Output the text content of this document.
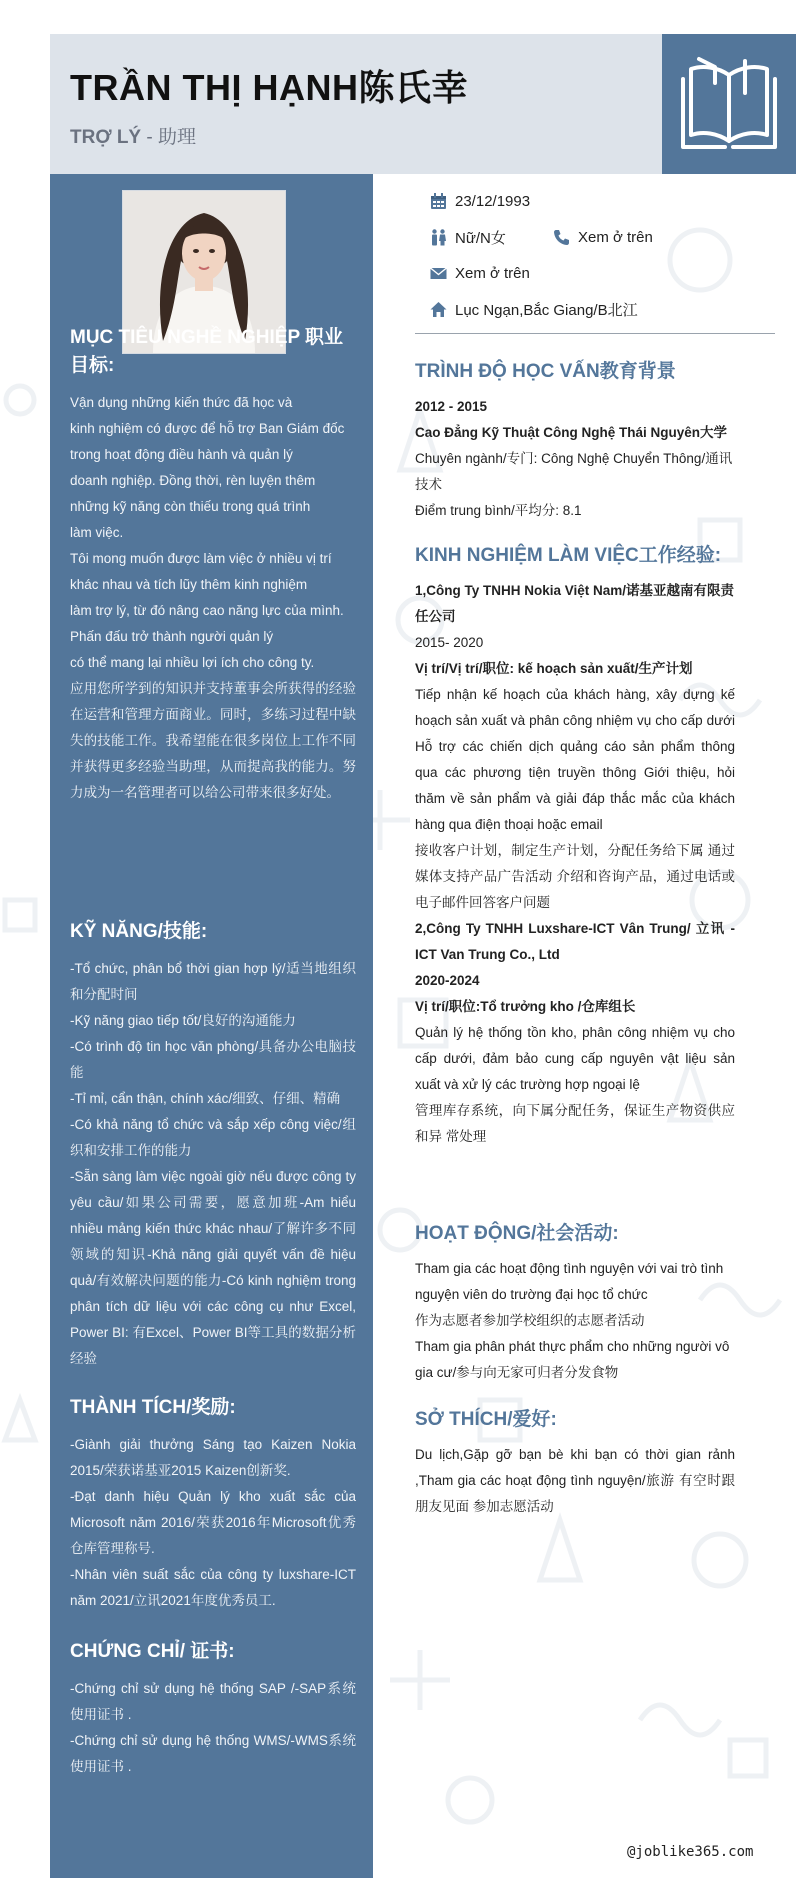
TRẦN THỊ HẠNH陈氏幸
TRỢ LÝ - 助理
MỤC TIÊU NGHỀ NGHIỆP 职业目标:

Vận dụng những kiến thức đã học và

kinh nghiệm có được để hỗ trợ Ban Giám đốc

trong hoạt động điều hành và quản lý

doanh nghiệp. Đồng thời, rèn luyện thêm

những kỹ năng còn thiếu trong quá trình

làm việc.

Tôi mong muốn được làm việc ở nhiều vị trí

khác nhau và tích lũy thêm kinh nghiệm

làm trợ lý, từ đó nâng cao năng lực của mình.

Phấn đấu trở thành người quản lý

có thể mang lại nhiều lợi ích cho công ty.

应用您所学到的知识并支持董事会所获得的经验在运营和管理方面商业。同时，多练习过程中缺失的技能工作。我希望能在很多岗位上工作不同并获得更多经验当助理，从而提高我的能力。努力成为一名管理者可以给公司带来很多好处。

KỸ NĂNG/技能:

-Tổ chức, phân bổ thời gian hợp lý/适当地组织和分配时间

-Kỹ năng giao tiếp tốt/良好的沟通能力

-Có trình độ tin học văn phòng/具备办公电脑技能

-Tỉ mỉ, cẩn thận, chính xác/细致、仔细、精确

-Có khả năng tổ chức và sắp xếp công việc/组织和安排工作的能力

-Sẵn sàng làm việc ngoài giờ nếu được công ty yêu cầu/如果公司需要，愿意加班-Am hiểu nhiều mảng kiến thức khác nhau/了解许多不同领域的知识-Khả năng giải quyết vấn đề hiệu quả/有效解决问题的能力-Có kinh nghiệm trong phân tích dữ liệu với các công cụ như Excel, Power BI: 有Excel、Power BI等工具的数据分析经验

THÀNH TÍCH/奖励:

-Giành giải thưởng Sáng tạo Kaizen Nokia 2015/荣获诺基亚2015 Kaizen创新奖.

-Đạt danh hiệu Quản lý kho xuất sắc của Microsoft năm 2016/荣获2016年Microsoft优秀仓库管理称号.

-Nhân viên suất sắc của công ty luxshare-ICT năm 2021/立讯2021年度优秀员工.

CHỨNG CHỈ/ 证书:

-Chứng chỉ sử dụng hệ thống SAP /-SAP系统使用证书 .

-Chứng chỉ sử dụng hệ thống WMS/-WMS系统使用证书 .

23/12/1993
Nữ/N女	Xem ở trên
Xem ở trên
Lục Ngạn,Bắc Giang/B北江
TRÌNH ĐỘ HỌC VẤN教育背景

2012 - 2015

Cao Đẳng Kỹ Thuật Công Nghệ Thái Nguyên大学

Chuyên ngành/专门: Công Nghệ Chuyển Thông/通讯技术

Điểm trung bình/平均分: 8.1

KINH NGHIỆM LÀM VIỆC工作经验:

1,Công Ty TNHH Nokia Việt Nam/诺基亚越南有限责任公司

2015- 2020

Vị trí/Vị trí/职位: kế hoạch sản xuất/生产计划

Tiếp nhận kế hoạch của khách hàng, xây dựng kế hoạch sản xuất và phân công nhiệm vụ cho cấp dưới Hỗ trợ các chiến dịch quảng cáo sản phẩm thông qua các phương tiện truyền thông Giới thiệu, hỏi thăm về sản phẩm và giải đáp thắc mắc của khách hàng qua điện thoại hoặc email

接收客户计划，制定生产计划，分配任务给下属 通过媒体支持产品广告活动 介绍和咨询产品，通过电话或电子邮件回答客户问题

2,Công Ty TNHH Luxshare-ICT Vân Trung/ 立讯 - ICT Van Trung Co., Ltd

2020-2024

Vị trí/职位:Tổ trưởng kho /仓库组长

Quản lý hệ thống tồn kho, phân công nhiệm vụ cho cấp dưới, đảm bảo cung cấp nguyên vật liệu sản xuất và xử lý các trường hợp ngoại lệ

管理库存系统，向下属分配任务，保证生产物资供应和异 常处理

HOẠT ĐỘNG/社会活动:

Tham gia các hoạt động tình nguyện với vai trò tình nguyện viên do trường đại học tổ chức

作为志愿者参加学校组织的志愿者活动

Tham gia phân phát thực phẩm cho những người vô gia cư/参与向无家可归者分发食物

SỞ THÍCH/爱好:

Du lịch,Gặp gỡ bạn bè khi bạn có thời gian rảnh ,Tham gia các hoạt động tình nguyện/旅游 有空时跟朋友见面 参加志愿活动

@joblike365.com
